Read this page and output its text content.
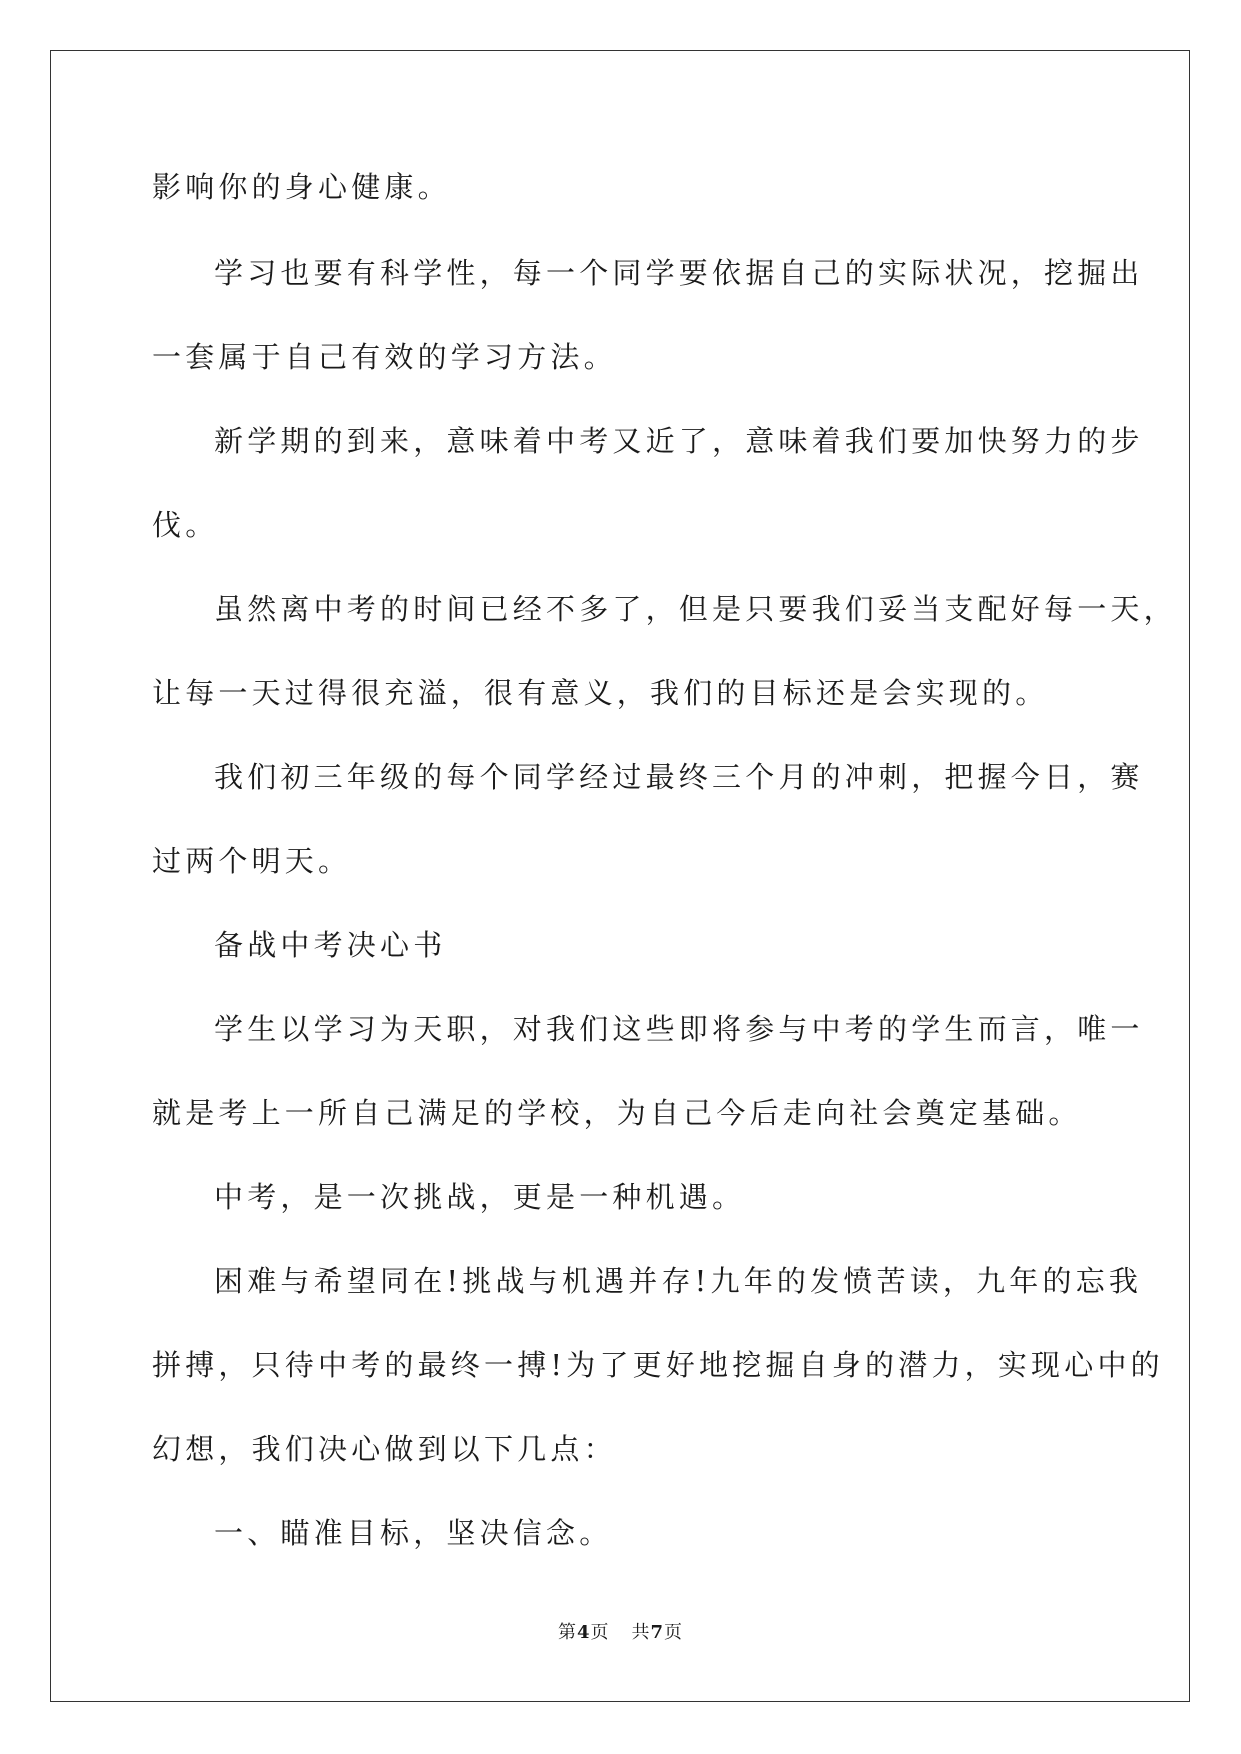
影响你的身心健康。
学习也要有科学性，每一个同学要依据自己的实际状况，挖掘出
一套属于自己有效的学习方法。
新学期的到来，意味着中考又近了，意味着我们要加快努力的步
伐。
虽然离中考的时间已经不多了，但是只要我们妥当支配好每一天，
让每一天过得很充溢，很有意义，我们的目标还是会实现的。
我们初三年级的每个同学经过最终三个月的冲刺，把握今日，赛
过两个明天。
备战中考决心书
学生以学习为天职，对我们这些即将参与中考的学生而言，唯一
就是考上一所自己满足的学校，为自己今后走向社会奠定基础。
中考，是一次挑战，更是一种机遇。
困难与希望同在!挑战与机遇并存!九年的发愤苦读，九年的忘我
拼搏，只待中考的最终一搏!为了更好地挖掘自身的潜力，实现心中的
幻想，我们决心做到以下几点：
一、瞄准目标，坚决信念。
第4页 共7页
